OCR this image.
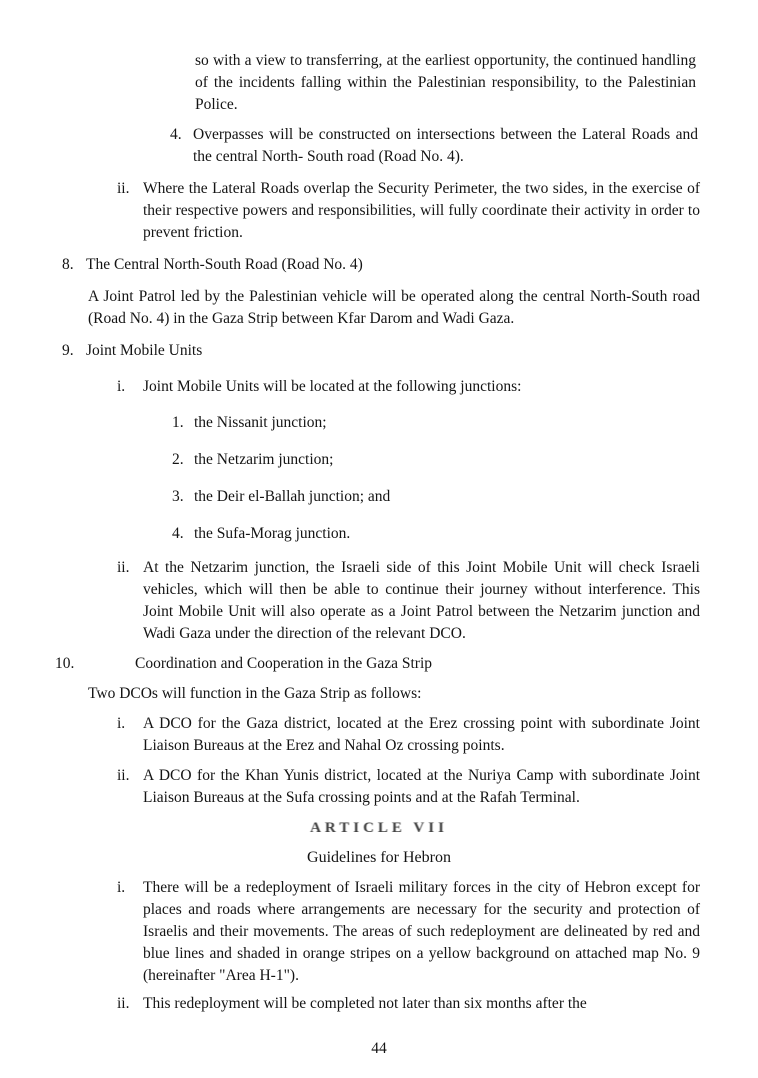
so with a view to transferring, at the earliest opportunity, the continued handling of the incidents falling within the Palestinian responsibility, to the Palestinian Police.

4. Overpasses will be constructed on intersections between the Lateral Roads and the central North- South road (Road No. 4).
ii. Where the Lateral Roads overlap the Security Perimeter, the two sides, in the exercise of their respective powers and responsibilities, will fully coordinate their activity in order to prevent friction.
8. The Central North-South Road (Road No. 4)

A Joint Patrol led by the Palestinian vehicle will be operated along the central North-South road (Road No. 4) in the Gaza Strip between Kfar Darom and Wadi Gaza.

9. Joint Mobile Units
i.	Joint Mobile Units will be located at the following junctions:
1. the Nissanit junction;
2. the Netzarim junction;
3. the Deir el-Ballah junction; and
4. the Sufa-Morag junction.
ii. At the Netzarim junction, the Israeli side of this Joint Mobile Unit will check Israeli vehicles, which will then be able to continue their journey without interference. This Joint Mobile Unit will also operate as a Joint Patrol between the Netzarim junction and Wadi Gaza under the direction of the relevant DCO.
10.	Coordination and Cooperation in the Gaza Strip

Two DCOs will function in the Gaza Strip as follows:

i.	A DCO for the Gaza district, located at the Erez crossing point with subordinate Joint Liaison Bureaus at the Erez and Nahal Oz crossing points.
ii. A DCO for the Khan Yunis district, located at the Nuriya Camp with subordinate Joint Liaison Bureaus at the Sufa crossing points and at the Rafah Terminal.
ARTICLE VII
Guidelines for Hebron
i.	There will be a redeployment of Israeli military forces in the city of Hebron except for places and roads where arrangements are necessary for the security and protection of Israelis and their movements. The areas of such redeployment are delineated by red and blue lines and shaded in orange stripes on a yellow background on attached map No. 9 (hereinafter "Area H-1").
ii. This redeployment will be completed not later than six months after the
44
